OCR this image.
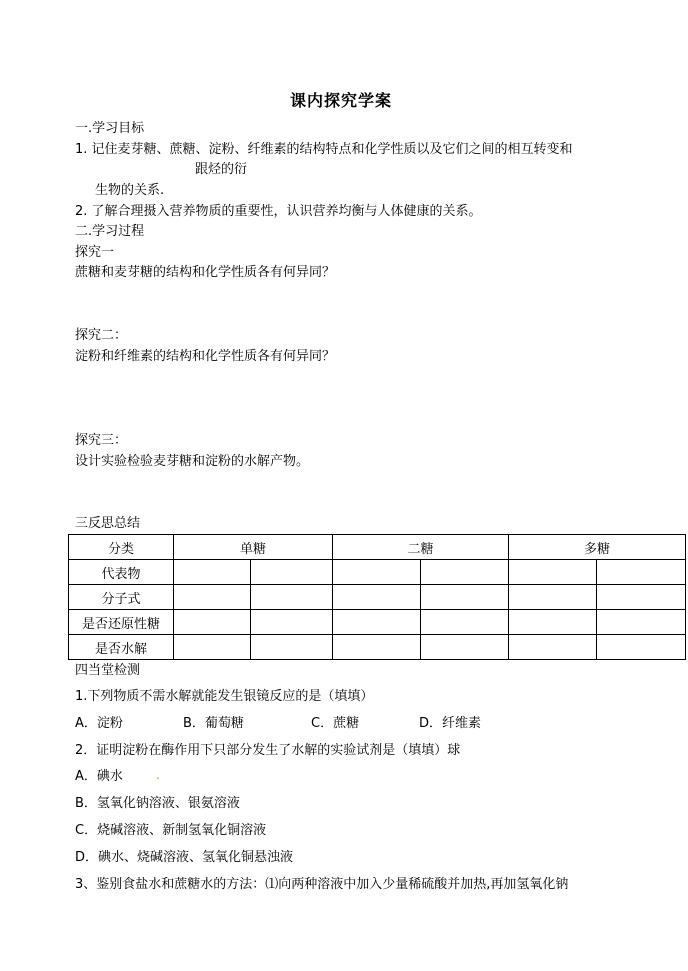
课内探究学案
一.学习目标
1. 记住麦芽糖、蔗糖、淀粉、纤维素的结构特点和化学性质以及它们之间的相互转变和
跟烃的衍
生物的关系.
2. 了解合理摄入营养物质的重要性，认识营养均衡与人体健康的关系。
二.学习过程
探究一
蔗糖和麦芽糖的结构和化学性质各有何异同？
探究二：
淀粉和纤维素的结构和化学性质各有何异同？
探究三：
设计实验检验麦芽糖和淀粉的水解产物。
三反思总结
分类	单糖		二糖		多糖	
代表物						
分子式						
是否还原性糖						
是否水解						
四当堂检测
1.下列物质不需水解就能发生银镜反应的是（填填）
A．淀粉	B．葡萄糖	C．蔗糖	D．纤维素
2．证明淀粉在酶作用下只部分发生了水解的实验试剂是（填填）球
A．碘水	.
B．氢氧化钠溶液、银氨溶液
C．烧碱溶液、新制氢氧化铜溶液
D．碘水、烧碱溶液、氢氧化铜悬浊液
3、鉴别食盐水和蔗糖水的方法：⑴向两种溶液中加入少量稀硫酸并加热,再加氢氧化钠
